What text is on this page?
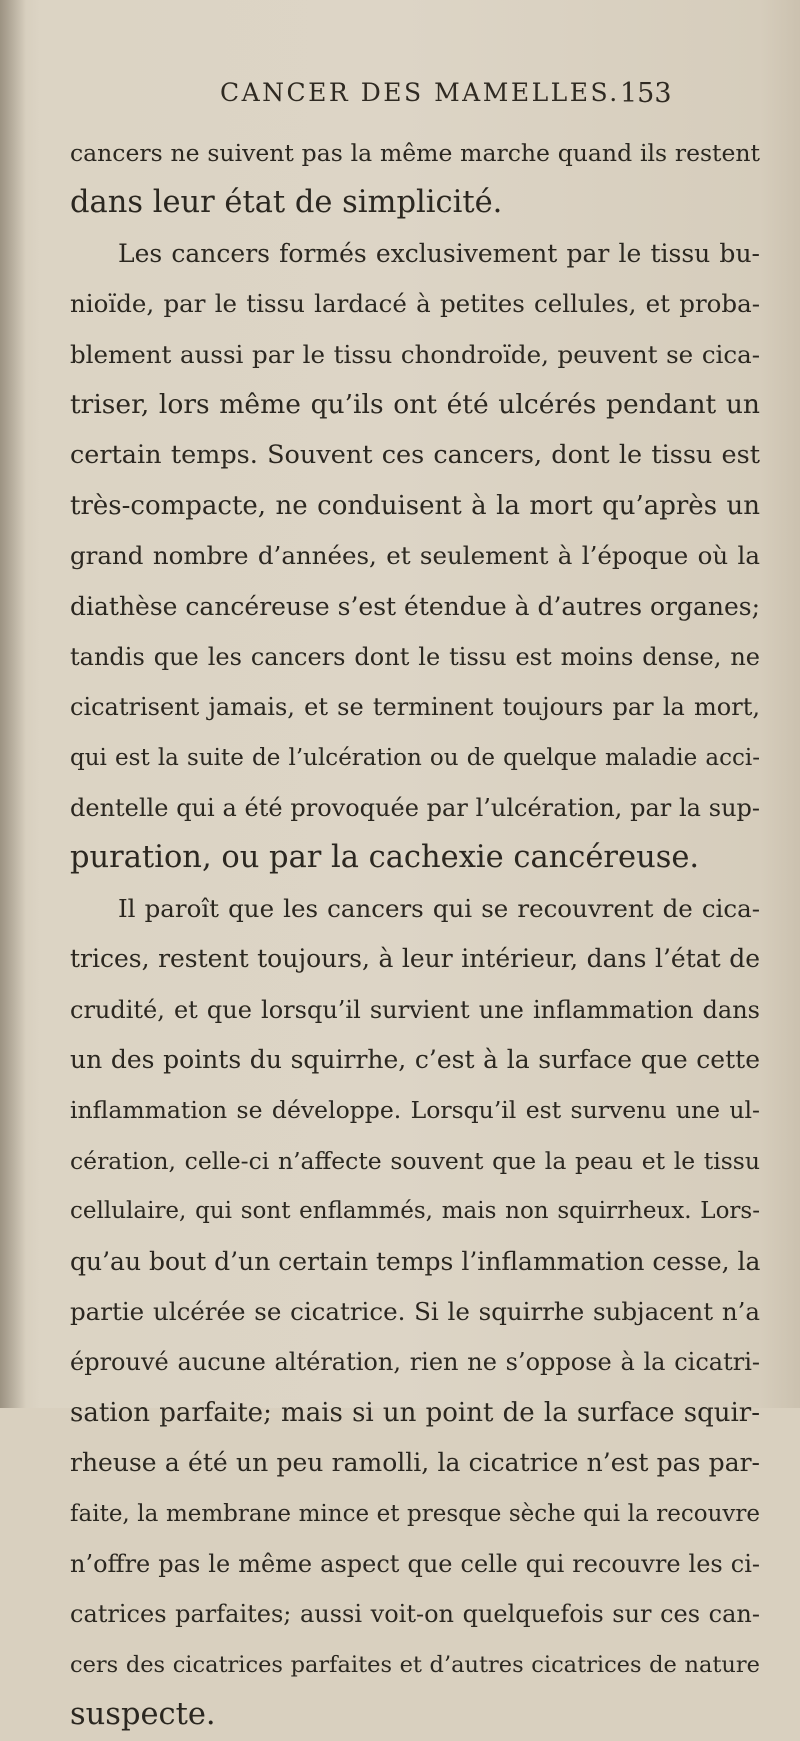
CANCER DES MAMELLES. 153
cancers ne suivent pas la même marche quand ils restent
dans leur état de simplicité.
Les cancers formés exclusivement par le tissu bu-
nioïde, par le tissu lardacé à petites cellules, et proba-
blement aussi par le tissu chondroïde, peuvent se cica-
triser, lors même qu’ils ont été ulcérés pendant un
certain temps. Souvent ces cancers, dont le tissu est
très-compacte, ne conduisent à la mort qu’après un
grand nombre d’années, et seulement à l’époque où la
diathèse cancéreuse s’est étendue à d’autres organes;
tandis que les cancers dont le tissu est moins dense, ne
cicatrisent jamais, et se terminent toujours par la mort,
qui est la suite de l’ulcération ou de quelque maladie acci-
dentelle qui a été provoquée par l’ulcération, par la sup-
puration, ou par la cachexie cancéreuse.
Il paroît que les cancers qui se recouvrent de cica-
trices, restent toujours, à leur intérieur, dans l’état de
crudité, et que lorsqu’il survient une inflammation dans
un des points du squirrhe, c’est à la surface que cette
inflammation se développe. Lorsqu’il est survenu une ul-
cération, celle-ci n’affecte souvent que la peau et le tissu
cellulaire, qui sont enflammés, mais non squirrheux. Lors-
qu’au bout d’un certain temps l’inflammation cesse, la
partie ulcérée se cicatrice. Si le squirrhe subjacent n’a
éprouvé aucune altération, rien ne s’oppose à la cicatri-
sation parfaite; mais si un point de la surface squir-
rheuse a été un peu ramolli, la cicatrice n’est pas par-
faite, la membrane mince et presque sèche qui la recouvre
n’offre pas le même aspect que celle qui recouvre les ci-
catrices parfaites; aussi voit-on quelquefois sur ces can-
cers des cicatrices parfaites et d’autres cicatrices de nature
suspecte.
